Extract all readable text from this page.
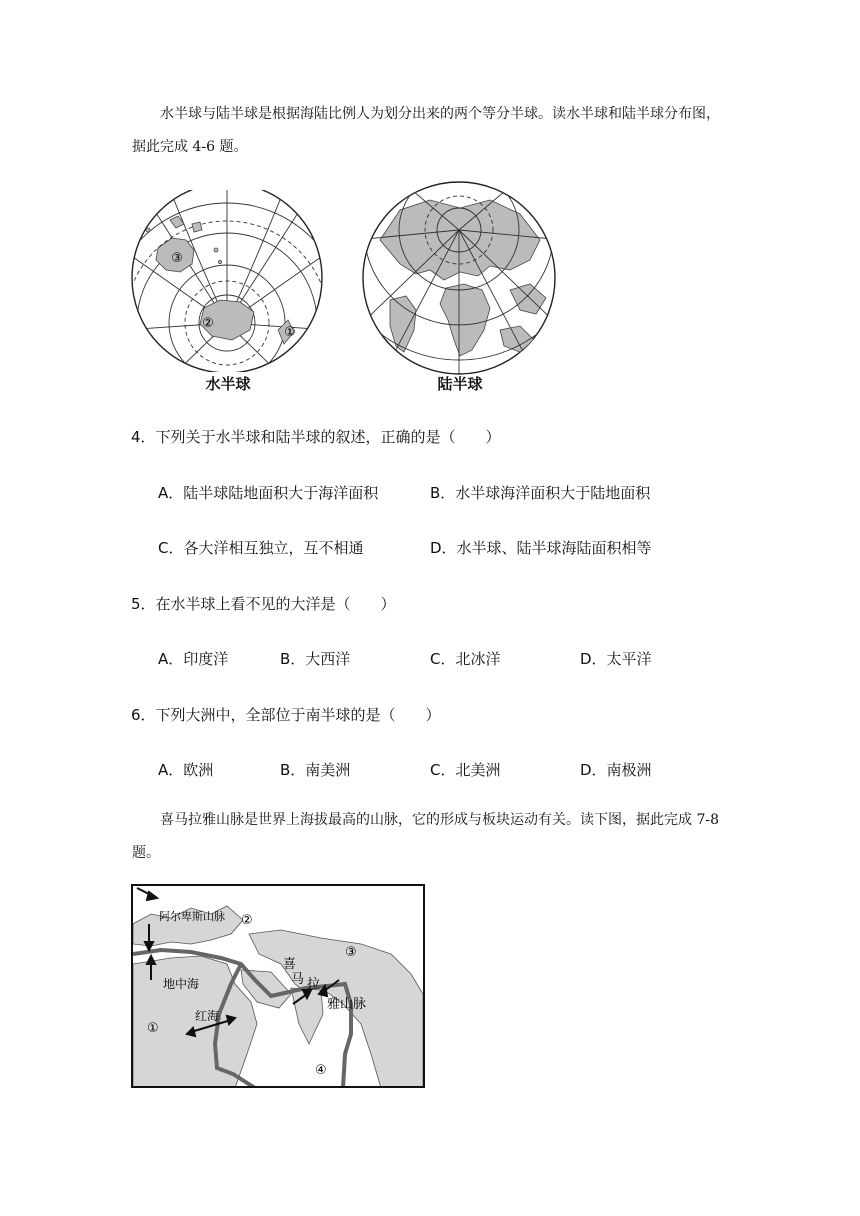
水半球与陆半球是根据海陆比例人为划分出来的两个等分半球。读水半球和陆半球分布图，据此完成 4-6 题。

③
②
①
水半球	陆半球

4．下列关于水半球和陆半球的叙述，正确的是（　　）

A．陆半球陆地面积大于海洋面积	B．水半球海洋面积大于陆地面积
C．各大洋相互独立，互不相通	D．水半球、陆半球海陆面积相等

5．在水半球上看不见的大洋是（　　）

A．印度洋	B．大西洋	C．北冰洋	D．太平洋

6．下列大洲中，全部位于南半球的是（　　）

A．欧洲	B．南美洲	C．北美洲	D．南极洲

喜马拉雅山脉是世界上海拔最高的山脉，它的形成与板块运动有关。读下图，据此完成 7-8 题。

阿尔卑斯山脉
地中海
红海
喜
马 拉
雅山脉
①
②
③
④
